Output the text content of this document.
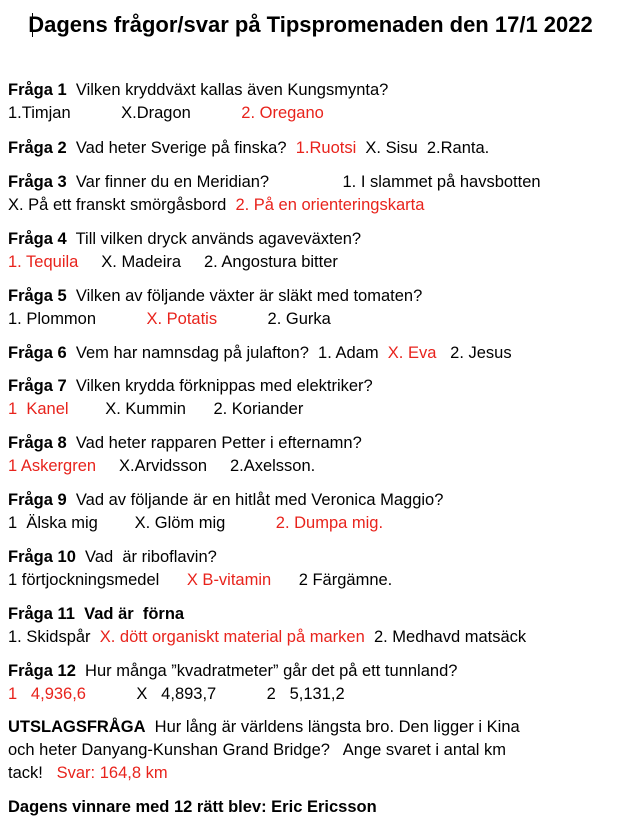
Dagens frågor/svar på Tipspromenaden den 17/1 2022
Fråga 1 Vilken kryddväxt kallas även Kungsmynta?
1.Timjan	X.Dragon	2. Oregano
Fråga 2 Vad heter Sverige på finska? 1.Ruotsi X. Sisu 2.Ranta.
Fråga 3 Var finner du en Meridian?	1. I slammet på havsbotten
X. På ett franskt smörgåsbord 2. På en orienteringskarta
Fråga 4 Till vilken dryck används agaveväxten?
1. Tequila X. Madeira 2. Angostura bitter
Fråga 5 Vilken av följande växter är släkt med tomaten?
1. Plommon	X. Potatis	2. Gurka
Fråga 6 Vem har namnsdag på julafton? 1. Adam X. Eva 2. Jesus
Fråga 7 Vilken krydda förknippas med elektriker?
1  Kanel X. Kummin 2. Koriander
Fråga 8 Vad heter rapparen Petter i efternamn?
1 Askergren X.Arvidsson 2.Axelsson.
Fråga 9 Vad av följande är en hitlåt med Veronica Maggio?
1  Älska mig X. Glöm mig	2. Dumpa mig.
Fråga 10 Vad  är riboflavin?
1 förtjockningsmedel X B-vitamin 2 Färgämne.
Fråga 11 Vad är  förna
1. Skidspår X. dött organiskt material på marken 2. Medhavd matsäck
Fråga 12 Hur många ”kvadratmeter” går det på ett tunnland?
1   4,936,6	X   4,893,7	2   5,131,2
UTSLAGSFRÅGA Hur lång är världens längsta bro. Den ligger i Kina
och heter Danyang-Kunshan Grand Bridge?   Ange svaret i antal km
tack! Svar: 164,8 km
Dagens vinnare med 12 rätt blev: Eric Ericsson
